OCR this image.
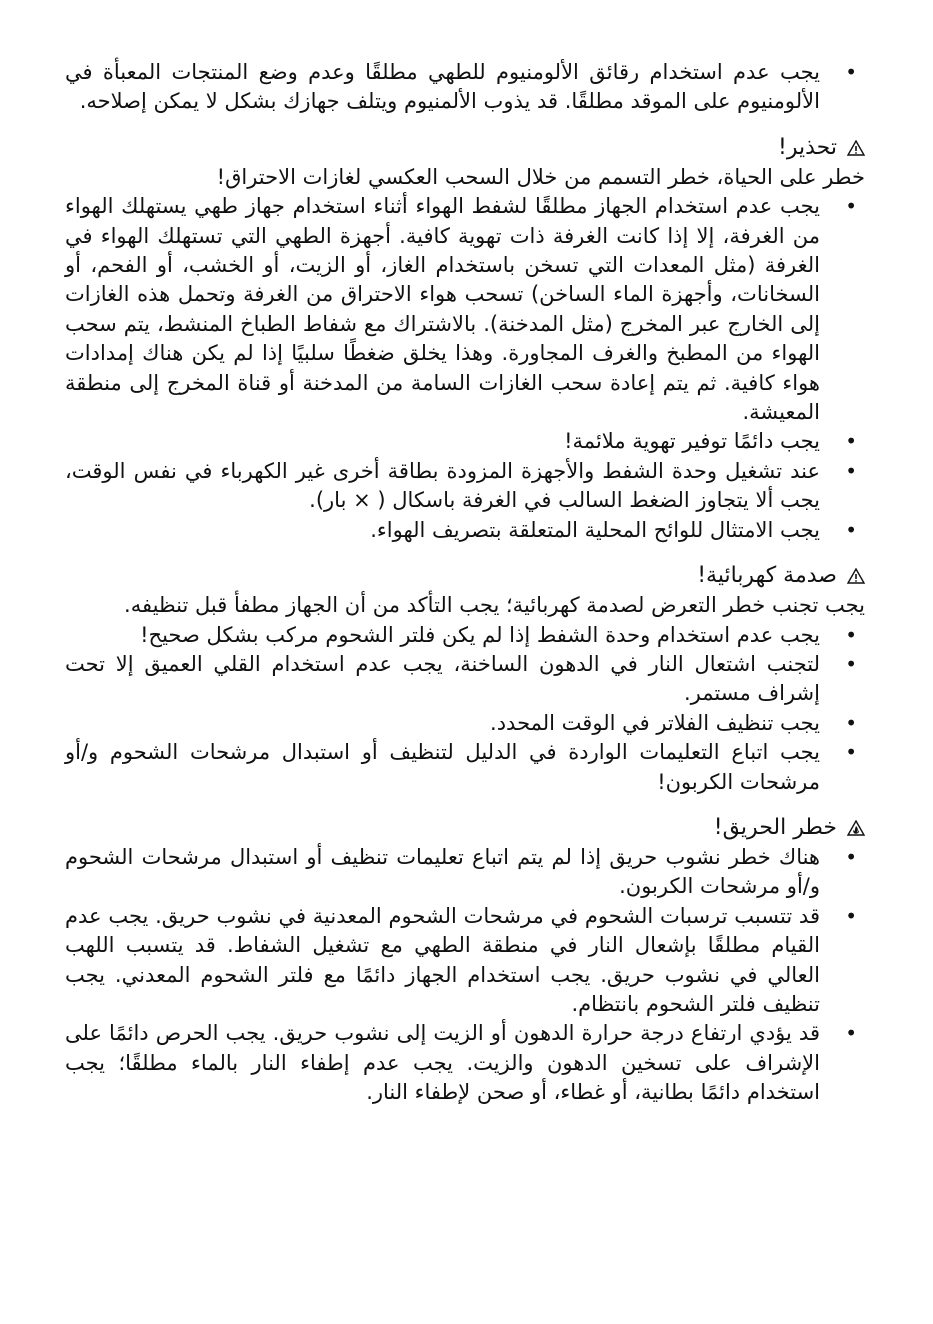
• يجب عدم استخدام رقائق الألومنيوم للطهي مطلقًا وعدم وضع المنتجات المعبأة في الألومنيوم على الموقد مطلقًا. قد يذوب الألمنيوم ويتلف جهازك بشكل لا يمكن إصلاحه.
تحذير!

خطر على الحياة، خطر التسمم من خلال السحب العكسي لغازات الاحتراق!

• يجب عدم استخدام الجهاز مطلقًا لشفط الهواء أثناء استخدام جهاز طهي يستهلك الهواء من الغرفة، إلا إذا كانت الغرفة ذات تهوية كافية. أجهزة الطهي التي تستهلك الهواء في الغرفة (مثل المعدات التي تسخن باستخدام الغاز، أو الزيت، أو الخشب، أو الفحم، أو السخانات، وأجهزة الماء الساخن) تسحب هواء الاحتراق من الغرفة وتحمل هذه الغازات إلى الخارج عبر المخرج (مثل المدخنة). بالاشتراك مع شفاط الطباخ المنشط، يتم سحب الهواء من المطبخ والغرف المجاورة. وهذا يخلق ضغطًا سلبيًا إذا لم يكن هناك إمدادات هواء كافية. ثم يتم إعادة سحب الغازات السامة من المدخنة أو قناة المخرج إلى منطقة المعيشة.
• يجب دائمًا توفير تهوية ملائمة!
• عند تشغيل وحدة الشفط والأجهزة المزودة بطاقة أخرى غير الكهرباء في نفس الوقت، يجب ألا يتجاوز الضغط السالب في الغرفة باسكال ( × بار).
• يجب الامتثال للوائح المحلية المتعلقة بتصريف الهواء.
صدمة كهربائية!

يجب تجنب خطر التعرض لصدمة كهربائية؛ يجب التأكد من أن الجهاز مطفأ قبل تنظيفه.

• يجب عدم استخدام وحدة الشفط إذا لم يكن فلتر الشحوم مركب بشكل صحيح!
• لتجنب اشتعال النار في الدهون الساخنة، يجب عدم استخدام القلي العميق إلا تحت إشراف مستمر.
• يجب تنظيف الفلاتر في الوقت المحدد.
• يجب اتباع التعليمات الواردة في الدليل لتنظيف أو استبدال مرشحات الشحوم و/أو مرشحات الكربون!
خطر الحريق!
• هناك خطر نشوب حريق إذا لم يتم اتباع تعليمات تنظيف أو استبدال مرشحات الشحوم و/أو مرشحات الكربون.
• قد تتسبب ترسبات الشحوم في مرشحات الشحوم المعدنية في نشوب حريق. يجب عدم القيام مطلقًا بإشعال النار في منطقة الطهي مع تشغيل الشفاط. قد يتسبب اللهب العالي في نشوب حريق. يجب استخدام الجهاز دائمًا مع فلتر الشحوم المعدني. يجب تنظيف فلتر الشحوم بانتظام.
• قد يؤدي ارتفاع درجة حرارة الدهون أو الزيت إلى نشوب حريق. يجب الحرص دائمًا على الإشراف على تسخين الدهون والزيت. يجب عدم إطفاء النار بالماء مطلقًا؛ يجب استخدام دائمًا بطانية، أو غطاء، أو صحن لإطفاء النار.
